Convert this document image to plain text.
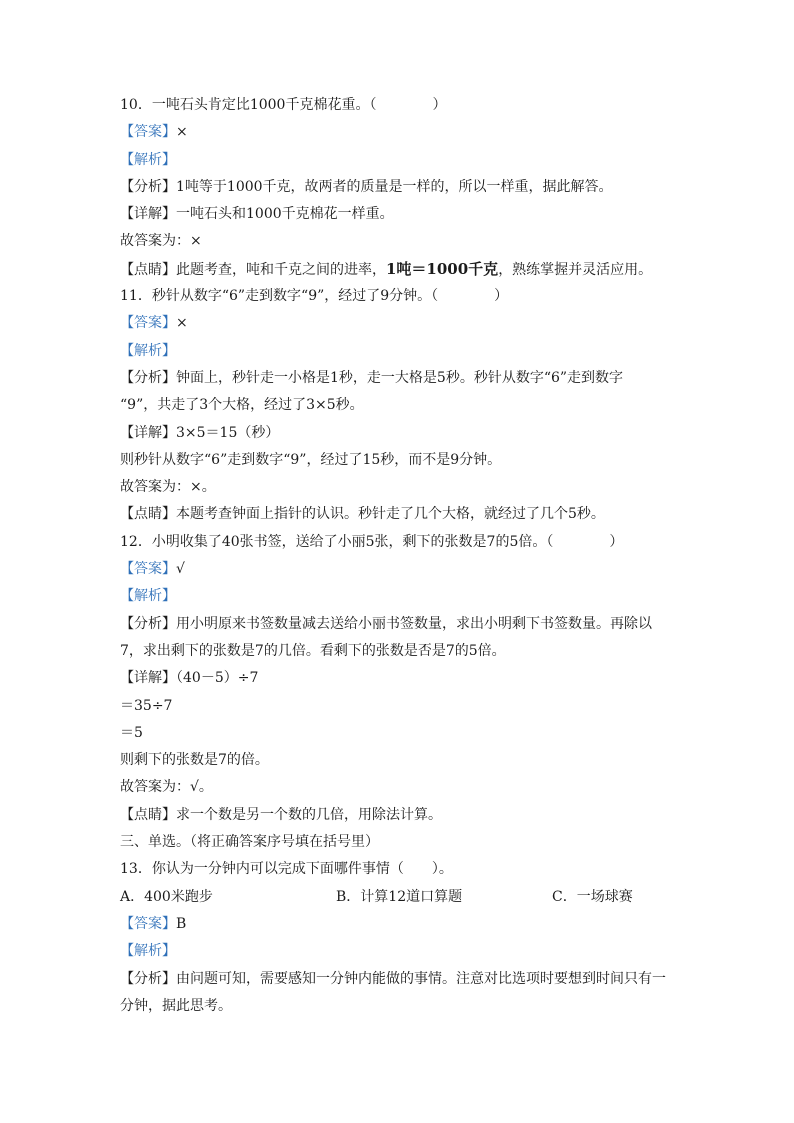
10．一吨石头肯定比1000千克棉花重。（　　　　）
【答案】×
【解析】
【分析】1吨等于1000千克，故两者的质量是一样的，所以一样重，据此解答。
【详解】一吨石头和1000千克棉花一样重。
故答案为：×
【点睛】此题考查，吨和千克之间的进率，1吨＝1000千克，熟练掌握并灵活应用。
11．秒针从数字“6”走到数字“9”，经过了9分钟。（　　　　）
【答案】×
【解析】
【分析】钟面上，秒针走一小格是1秒，走一大格是5秒。秒针从数字“6”走到数字
“9”，共走了3个大格，经过了3×5秒。
【详解】3×5＝15（秒）
则秒针从数字“6”走到数字“9”，经过了15秒，而不是9分钟。
故答案为：×。
【点睛】本题考查钟面上指针的认识。秒针走了几个大格，就经过了几个5秒。
12．小明收集了40张书签，送给了小丽5张，剩下的张数是7的5倍。（　　　　）
【答案】√
【解析】
【分析】用小明原来书签数量减去送给小丽书签数量，求出小明剩下书签数量。再除以
7，求出剩下的张数是7的几倍。看剩下的张数是否是7的5倍。
【详解】（40－5）÷7
＝35÷7
＝5
则剩下的张数是7的倍。
故答案为：√。
【点睛】求一个数是另一个数的几倍，用除法计算。
三、单选。（将正确答案序号填在括号里）
13．你认为一分钟内可以完成下面哪件事情（　　）。
A．400米跑步	B．计算12道口算题	C．一场球赛
【答案】B
【解析】
【分析】由问题可知，需要感知一分钟内能做的事情。注意对比选项时要想到时间只有一
分钟，据此思考。
